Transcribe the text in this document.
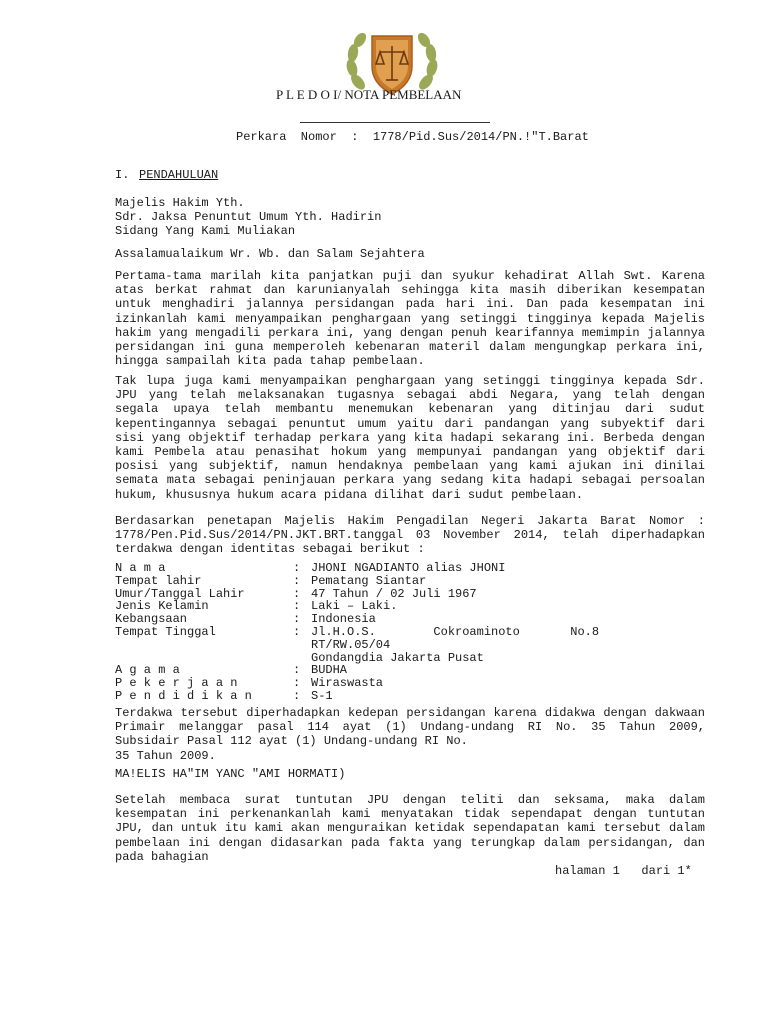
P L E D O I/ NOTA PEMBELAAN
Perkara  Nomor  :  1778/Pid.Sus/2014/PN.!"T.Barat
I. PENDAHULUAN
Majelis Hakim Yth.
Sdr. Jaksa Penuntut Umum Yth. Hadirin
Sidang Yang Kami Muliakan
Assalamualaikum Wr. Wb. dan Salam Sejahtera
Pertama-tama marilah kita panjatkan puji dan syukur kehadirat Allah Swt. Karena atas berkat rahmat dan karunianyalah sehingga kita masih diberikan kesempatan untuk menghadiri jalannya persidangan pada hari ini. Dan pada kesempatan ini izinkanlah kami menyampaikan penghargaan yang setinggi tingginya kepada Majelis hakim yang mengadili perkara ini, yang dengan penuh kearifannya memimpin jalannya persidangan ini guna memperoleh kebenaran materil dalam mengungkap perkara ini, hingga sampailah kita pada tahap pembelaan.
Tak lupa juga kami menyampaikan penghargaan yang setinggi tingginya kepada Sdr. JPU yang telah melaksanakan tugasnya sebagai abdi Negara, yang telah dengan segala upaya telah membantu menemukan kebenaran yang ditinjau dari sudut kepentingannya sebagai penuntut umum yaitu dari pandangan yang subyektif dari sisi yang objektif terhadap perkara yang kita hadapi sekarang ini. Berbeda dengan kami Pembela atau penasihat hokum yang mempunyai pandangan yang objektif dari posisi yang subjektif, namun hendaknya pembelaan yang kami ajukan ini dinilai semata mata sebagai peninjauan perkara yang sedang kita hadapi sebagai persoalan hukum, khususnya hukum acara pidana dilihat dari sudut pembelaan.
Berdasarkan penetapan Majelis Hakim Pengadilan Negeri Jakarta Barat Nomor : 1778/Pen.Pid.Sus/2014/PN.JKT.BRT.tanggal 03 November 2014, telah diperhadapkan terdakwa dengan identitas sebagai berikut :
N a m a	:	JHONI NGADIANTO alias JHONI
Tempat lahir	:	Pematang Siantar
Umur/Tanggal Lahir	:	47 Tahun / 02 Juli 1967
Jenis Kelamin	:	Laki – Laki.
Kebangsaan	:	Indonesia
Tempat Tinggal	:	Jl.H.O.S.        Cokroaminoto       No.8    RT/RW.05/04
Gondangdia Jakarta Pusat
A g a m a	:	BUDHA
P e k e r j a a n	:	Wiraswasta
P e n d i d i k a n	:	S-1
Terdakwa tersebut diperhadapkan kedepan persidangan karena didakwa dengan dakwaan Primair melanggar pasal 114 ayat (1) Undang-undang RI No. 35 Tahun 2009, Subsidair Pasal 112 ayat (1) Undang-undang RI No.
35 Tahun 2009.
MA!ELIS HA"IM YANC "AMI HORMATI)
Setelah membaca surat tuntutan JPU dengan teliti dan seksama, maka dalam kesempatan ini perkenankanlah kami menyatakan tidak sependapat dengan tuntutan JPU, dan untuk itu kami akan menguraikan ketidak sependapatan kami tersebut dalam pembelaan ini dengan didasarkan pada fakta yang terungkap dalam persidangan, dan pada bahagian
halaman 1   dari 1*
